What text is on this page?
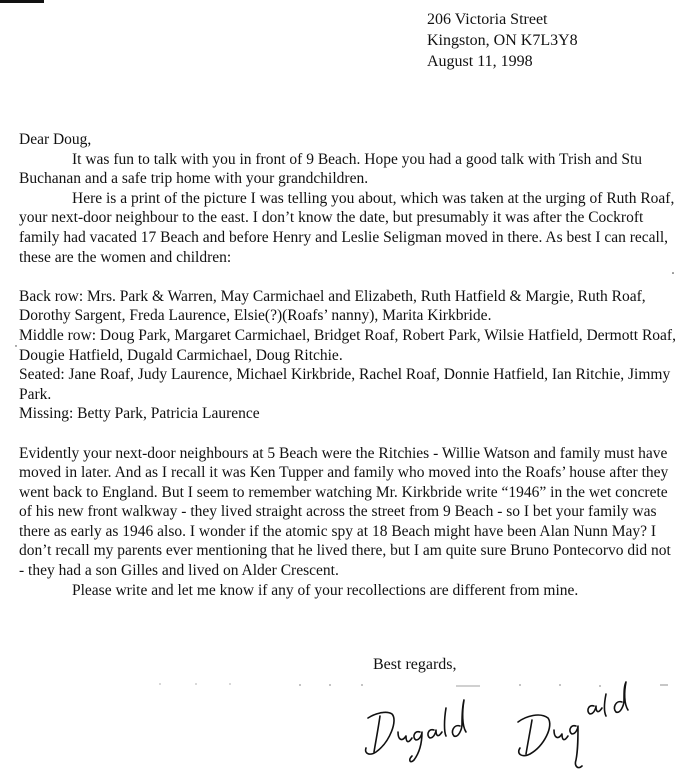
206 Victoria Street
Kingston, ON K7L3Y8
August 11, 1998

Dear Doug,

It was fun to talk with you in front of 9 Beach. Hope you had a good talk with Trish and Stu Buchanan and a safe trip home with your grandchildren.

Here is a print of the picture I was telling you about, which was taken at the urging of Ruth Roaf, your next-door neighbour to the east. I don’t know the date, but presumably it was after the Cockroft family had vacated 17 Beach and before Henry and Leslie Seligman moved in there. As best I can recall, these are the women and children:

Back row: Mrs. Park & Warren, May Carmichael and Elizabeth, Ruth Hatfield & Margie, Ruth Roaf, Dorothy Sargent, Freda Laurence, Elsie(?)(Roafs’ nanny), Marita Kirkbride.

Middle row: Doug Park, Margaret Carmichael, Bridget Roaf, Robert Park, Wilsie Hatfield, Dermott Roaf, Dougie Hatfield, Dugald Carmichael, Doug Ritchie.

Seated: Jane Roaf, Judy Laurence, Michael Kirkbride, Rachel Roaf, Donnie Hatfield, Ian Ritchie, Jimmy Park.

Missing: Betty Park, Patricia Laurence

Evidently your next-door neighbours at 5 Beach were the Ritchies - Willie Watson and family must have moved in later. And as I recall it was Ken Tupper and family who moved into the Roafs’ house after they went back to England. But I seem to remember watching Mr. Kirkbride write “1946” in the wet concrete of his new front walkway - they lived straight across the street from 9 Beach - so I bet your family was there as early as 1946 also. I wonder if the atomic spy at 18 Beach might have been Alan Nunn May? I don’t recall my parents ever mentioning that he lived there, but I am quite sure Bruno Pontecorvo did not - they had a son Gilles and lived on Alder Crescent.

Please write and let me know if any of your recollections are different from mine.

Best regards,
